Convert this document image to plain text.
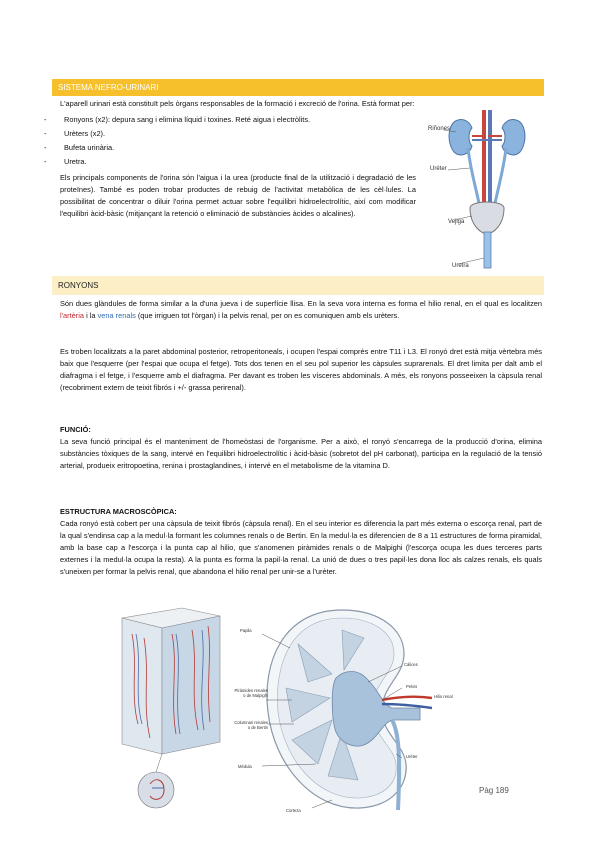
SISTEMA NEFRO-URINARI
L'aparell urinari està constituït pels òrgans responsables de la formació i excreció de l'orina. Està format per:
- Ronyons (x2): depura sang i elimina líquid i toxines. Reté aigua i electròlits.
- Urèters (x2).
- Bufeta urinària.
- Uretra.
Els principals components de l'orina són l'aigua i la urea (producte final de la utilització i degradació de les proteïnes). També es poden trobar productes de rebuig de l'activitat metabòlica de les cèl·lules. La possibilitat de concentrar o diluir l'orina permet actuar sobre l'equilibri hidroelectrolític, així com modificar l'equilibri àcid-bàsic (mitjançant la retenció o eliminació de substàncies àcides o alcalines).
Riñones
Uréter
Vejiga
Uretra
RONYONS
Són dues glàndules de forma similar a la d'una jueva i de superfície llisa. En la seva vora interna es forma el hilio renal, en el qual es localitzen l'artèria i la vena renals (que irriguen tot l'òrgan) i la pelvis renal, per on es comuniquen amb els urèters.
Es troben localitzats a la paret abdominal posterior, retroperitoneals, i ocupen l'espai comprès entre T11 i L3. El ronyó dret està mitja vèrtebra més baix que l'esquerre (per l'espai que ocupa el fetge). Tots dos tenen en el seu pol superior les càpsules suprarenals. El dret limita per dalt amb el diafragma i el fetge, i l'esquerre amb el diafragma. Per davant es troben les vísceres abdominals. A més, els ronyons posseeixen la càpsula renal (recobriment extern de teixit fibrós i +/- grassa perirenal).
FUNCIÓ:
La seva funció principal és el manteniment de l'homeòstasi de l'organisme. Per a això, el ronyó s'encarrega de la producció d'orina, elimina substàncies tòxiques de la sang, intervé en l'equilibri hidroelectrolític i àcid-bàsic (sobretot del pH carbonat), participa en la regulació de la tensió arterial, produeix eritropoetina, renina i prostaglandines, i intervé en el metabolisme de la vitamina D.
ESTRUCTURA MACROSCÒPICA:
Cada ronyó està cobert per una càpsula de teixit fibrós (càpsula renal). En el seu interior es diferencia la part més externa o escorça renal, part de la qual s'endinsa cap a la medul·la formant les columnes renals o de Bertin. En la medul·la es diferencien de 8 a 11 estructures de forma piramidal, amb la base cap a l'escorça i la punta cap al hilio, que s'anomenen piràmides renals o de Malpighi (l'escorça ocupa les dues terceres parts externes i la medul·la ocupa la resta). A la punta es forma la papil·la renal. La unió de dues o tres papil·les dona lloc als calzes renals, els quals s'uneixen per formar la pelvis renal, que abandona el hilio renal per unir-se a l'urèter.
Papila
Pirámides renales o de Malpighi
Columnas renales o de Bertin
Médula
Corteza
Cálices
Pelvis
Hilio renal
Uréter
Pàg 189
